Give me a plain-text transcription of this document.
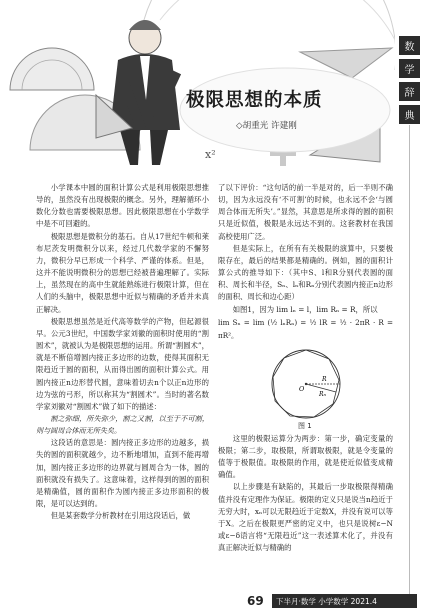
x²
极限思想的本质
◇胡重光 许建刚
数
学
辞
典

小学课本中圆的面积计算公式是利用极限思想推导的，虽然没有出现极限的概念。另外，理解循环小数化分数也需要极限思想。因此极限思想在小学数学中是不可回避的。

极限思想是微积分的基石。自从17世纪牛顿和莱布尼茨发明微积分以来，经过几代数学家的不懈努力，微积分早已形成一个科学、严谨的体系。但是，这并不能说明微积分的思想已经被普遍理解了。实际上，虽然现在的高中生就能熟练进行极限计算，但在人们的头脑中，极限思想中近似与精确的矛盾并未真正解决。

极限思想虽然是近代高等数学的产物，但起源很早。公元3世纪，中国数学家刘徽的面积时使用的“割圆术”，就被认为是极限思想的运用。所谓“割圆术”，就是不断倍增圆内接正多边形的边数，使得其面积无限趋近于圆的面积，从而得出圆的面积计算公式。用圆内接正n边形替代圆，意味着切去n个以正n边形的边为弦的弓形，所以称其为“割圆术”。当时的著名数学家刘徽对“割圆术”做了如下的描述：

割之弥细，所失弥少，割之又割，以至于不可割，则与圆周合体而无所失矣。

这段话的意思是：圆内接正多边形的边越多，损失的圆的面积就越少，边不断地增加，直到不能再增加，圆内接正多边形的边界就与圆周合为一体，圆的面积就没有损失了。这意味着，这样得到的圆的面积是精确值，圆的面积作为圆内接正多边形面积的极限，是可以达到的。

但是某套数学分析教材在引用这段话后，做

了以下评价：“这句话的前一半是对的，后一半则不确切，因为永远没有‘不可割’的时候，也永远不会‘与圆周合体而无所失’。”显然，其意思是所求得的圆的面积只是近似值，极限是永远达不到的。这套教材在我国高校使用广泛。

但是实际上，在所有有关极限的演算中，只要极限存在，最后的结果都是精确的。例如，圆的面积计算公式的推导如下：（其中S、l和R分别代表圆的面积、周长和半径，Sₙ、lₙ和Rₙ分别代表圆内接正n边形的面积、周长和边心距）

如图1，因为 lim lₙ = l，lim Rₙ = R，所以

lim Sₙ = lim (½ lₙRₙ) = ½ lR = ½ · 2πR · R = πR²。

O
R
Rₙ
图 1

这里的极限运算分为两步：第一步，确定变量的极限；第二步，取极限，所谓取极限，就是令变量的值等于极限值。取极限的作用，就是使近似值变成精确值。

以上步骤是有缺陷的，其最后一步取极限得精确值并没有定理作为保证。极限的定义只是说当n趋近于无穷大时，xₙ可以无限趋近于定数X，并没有说可以等于X。之后在极限更严密的定义中，也只是说树ε−N或ε−δ语言将“无限趋近”这一表述算术化了，并没有真正解决近似与精确的

69	下半月·数学 小学数学 2021.4
